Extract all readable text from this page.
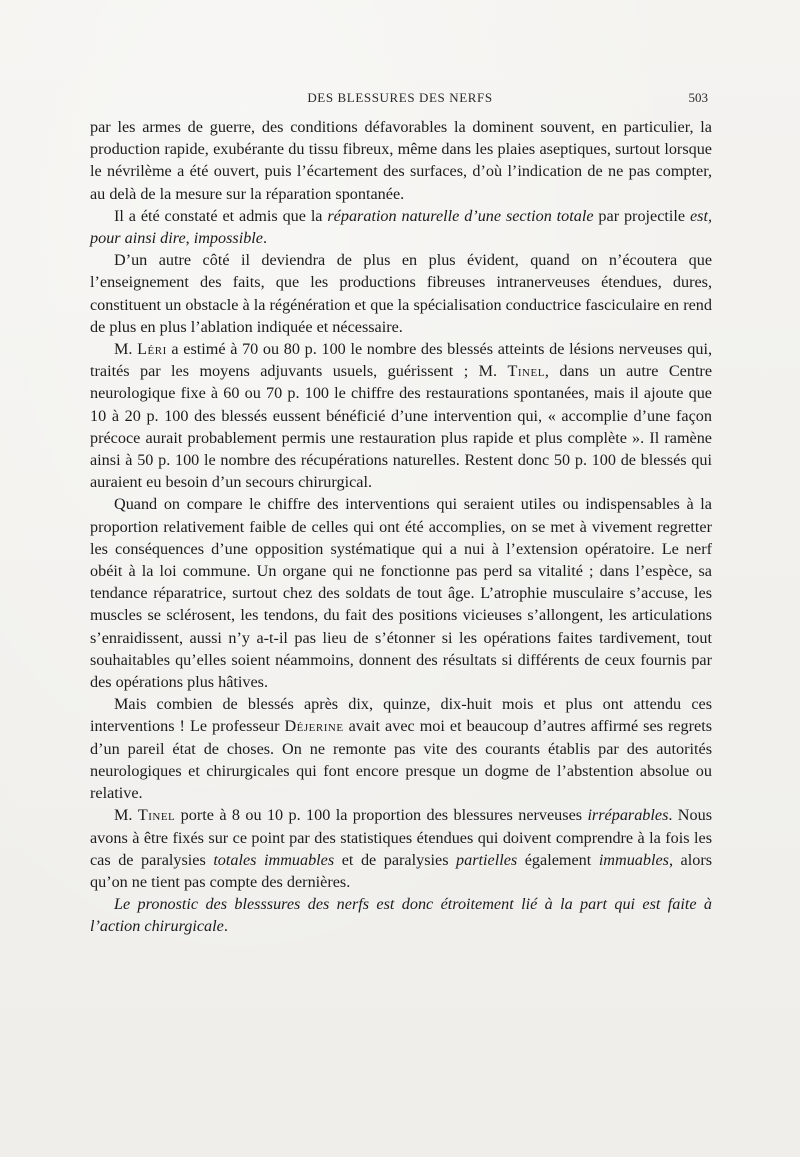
DES BLESSURES DES NERFS	503

par les armes de guerre, des conditions défavorables la dominent souvent, en particulier, la production rapide, exubérante du tissu fibreux, même dans les plaies aseptiques, surtout lorsque le névrilème a été ouvert, puis l’écartement des surfaces, d’où l’indication de ne pas compter, au delà de la mesure sur la réparation spontanée.

Il a été constaté et admis que la réparation naturelle d’une section totale par projectile est, pour ainsi dire, impossible.

D’un autre côté il deviendra de plus en plus évident, quand on n’écoutera que l’enseignement des faits, que les productions fibreuses intranerveuses étendues, dures, constituent un obstacle à la régénération et que la spécialisation conductrice fasciculaire en rend de plus en plus l’ablation indiquée et nécessaire.

M. Léri a estimé à 70 ou 80 p. 100 le nombre des blessés atteints de lésions nerveuses qui, traités par les moyens adjuvants usuels, guérissent ; M. Tinel, dans un autre Centre neurologique fixe à 60 ou 70 p. 100 le chiffre des restaurations spontanées, mais il ajoute que 10 à 20 p. 100 des blessés eussent bénéficié d’une intervention qui, « accomplie d’une façon précoce aurait probablement permis une restauration plus rapide et plus complète ». Il ramène ainsi à 50 p. 100 le nombre des récupérations naturelles. Restent donc 50 p. 100 de blessés qui auraient eu besoin d’un secours chirurgical.

Quand on compare le chiffre des interventions qui seraient utiles ou indispensables à la proportion relativement faible de celles qui ont été accomplies, on se met à vivement regretter les conséquences d’une opposition systématique qui a nui à l’extension opératoire. Le nerf obéit à la loi commune. Un organe qui ne fonctionne pas perd sa vitalité ; dans l’espèce, sa tendance réparatrice, surtout chez des soldats de tout âge. L’atrophie musculaire s’accuse, les muscles se sclérosent, les tendons, du fait des positions vicieuses s’allongent, les articulations s’enraidissent, aussi n’y a-t-il pas lieu de s’étonner si les opérations faites tardivement, tout souhaitables qu’elles soient néammoins, donnent des résultats si différents de ceux fournis par des opérations plus hâtives.

Mais combien de blessés après dix, quinze, dix-huit mois et plus ont attendu ces interventions ! Le professeur Déjerine avait avec moi et beaucoup d’autres affirmé ses regrets d’un pareil état de choses. On ne remonte pas vite des courants établis par des autorités neurologiques et chirurgicales qui font encore presque un dogme de l’abstention absolue ou relative.

M. Tinel porte à 8 ou 10 p. 100 la proportion des blessures nerveuses irréparables. Nous avons à être fixés sur ce point par des statistiques étendues qui doivent comprendre à la fois les cas de paralysies totales immuables et de paralysies partielles également immuables, alors qu’on ne tient pas compte des dernières.

Le pronostic des blesssures des nerfs est donc étroitement lié à la part qui est faite à l’action chirurgicale.
